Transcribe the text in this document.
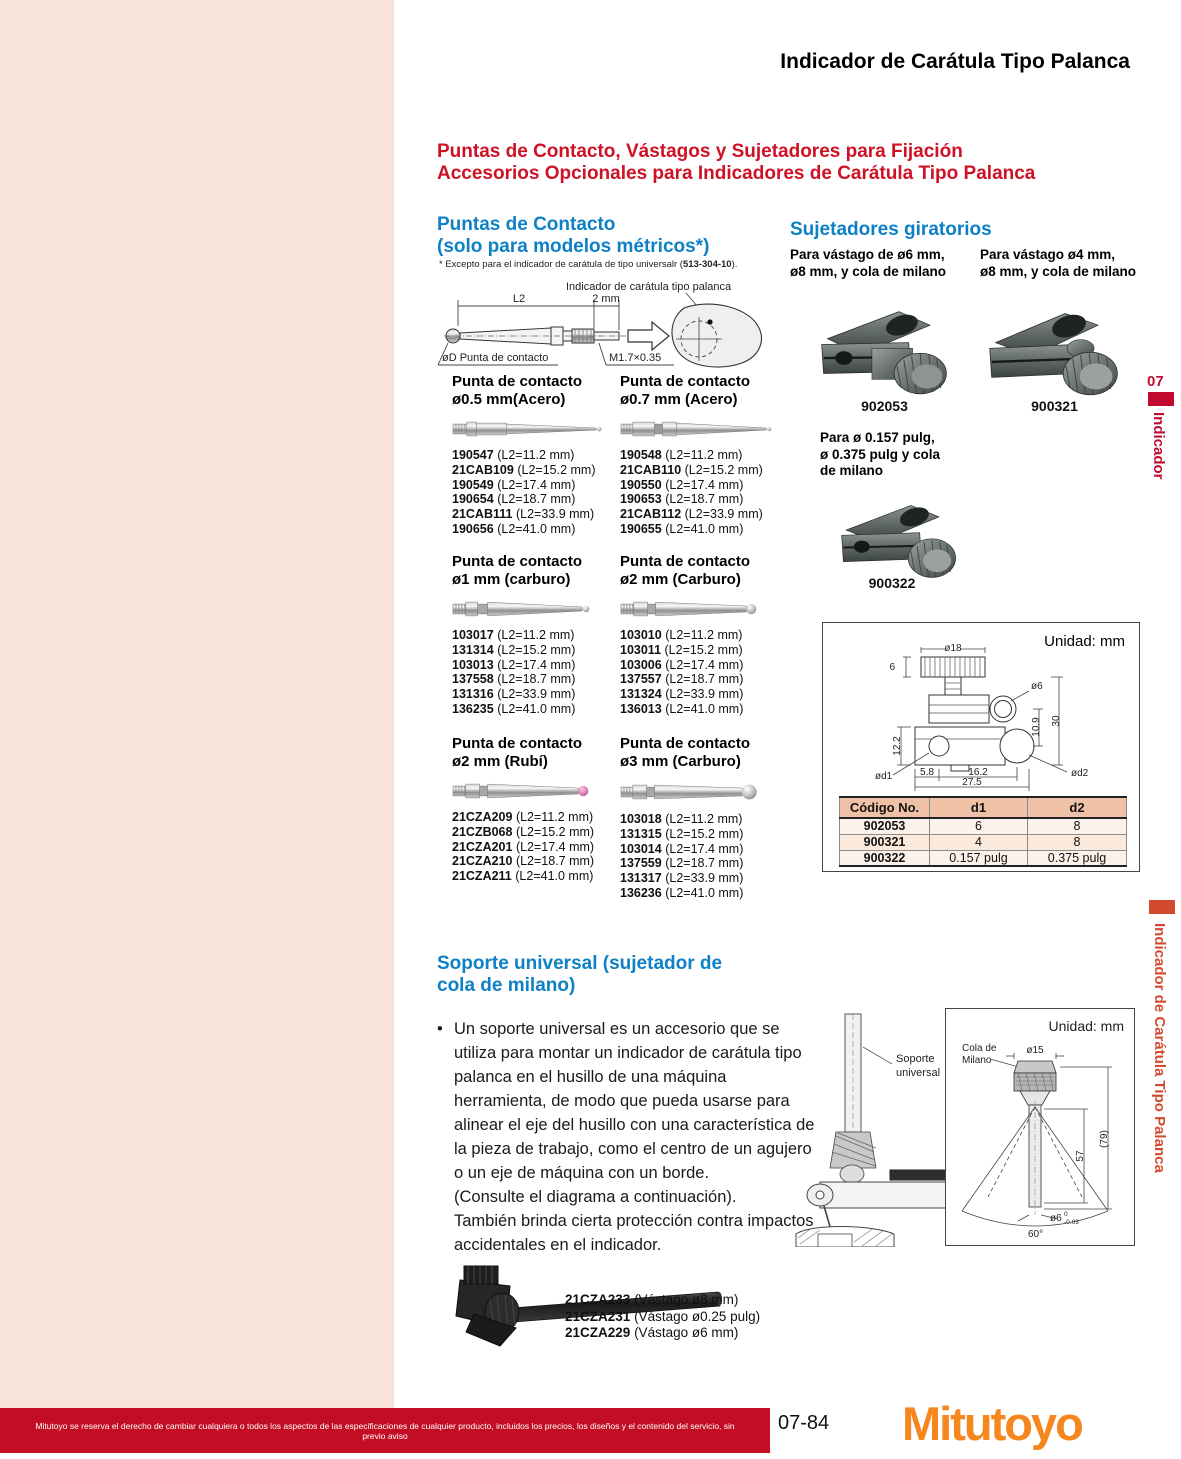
Indicador de Carátula Tipo Palanca
Puntas de Contacto, Vástagos y Sujetadores para Fijación
Accesorios Opcionales para Indicadores de Carátula Tipo Palanca
Puntas de Contacto
(solo para modelos métricos*)
* Excepto para el indicador de carátula de tipo universalr (513-304-10).
Indicador de carátula tipo palanca
L2	2 mm
øD Punta de contacto	M1.7×0.35
Punta de contacto
ø0.5 mm(Acero)
190547 (L2=11.2 mm)
21CAB109 (L2=15.2 mm)
190549 (L2=17.4 mm)
190654 (L2=18.7 mm)
21CAB111 (L2=33.9 mm)
190656 (L2=41.0 mm)
Punta de contacto
ø0.7 mm (Acero)
190548 (L2=11.2 mm)
21CAB110 (L2=15.2 mm)
190550 (L2=17.4 mm)
190653 (L2=18.7 mm)
21CAB112 (L2=33.9 mm)
190655 (L2=41.0 mm)
Punta de contacto
ø1 mm (carburo)
103017 (L2=11.2 mm)
131314 (L2=15.2 mm)
103013 (L2=17.4 mm)
137558 (L2=18.7 mm)
131316 (L2=33.9 mm)
136235 (L2=41.0 mm)
Punta de contacto
ø2 mm (Carburo)
103010 (L2=11.2 mm)
103011 (L2=15.2 mm)
103006 (L2=17.4 mm)
137557 (L2=18.7 mm)
131324 (L2=33.9 mm)
136013 (L2=41.0 mm)
Punta de contacto
ø2 mm (Rubí)
21CZA209 (L2=11.2 mm)
21CZB068 (L2=15.2 mm)
21CZA201 (L2=17.4 mm)
21CZA210 (L2=18.7 mm)
21CZA211 (L2=41.0 mm)
Punta de contacto
ø3 mm (Carburo)
103018 (L2=11.2 mm)
131315 (L2=15.2 mm)
103014 (L2=17.4 mm)
137559 (L2=18.7 mm)
131317 (L2=33.9 mm)
136236 (L2=41.0 mm)
Sujetadores giratorios
Para vástago de ø6 mm,
ø8 mm, y cola de milano
Para vástago ø4 mm,
ø8 mm, y cola de milano
902053	900321
Para ø 0.157 pulg,
ø 0.375 pulg y cola
de milano
900322
Unidad: mm
ø18
6
ø6
12.2
10.9 30
ød1	ød2
5.8	16.2
27.5
Código No.	d1	d2
902053	6	8
900321	4	8
900322	0.157 pulg	0.375 pulg
Soporte universal (sujetador de
cola de milano)
• Un soporte universal es un accesorio que se utiliza para montar un indicador de carátula tipo palanca en el husillo de una máquina herramienta, de modo que pueda usarse para alinear el eje del husillo con una característica de la pieza de trabajo, como el centro de un agujero o un eje de máquina con un borde.
(Consulte el diagrama a continuación).
También brinda cierta protección contra impactos accidentales en el indicador.
Soporte
universal
Unidad: mm
Cola de
Milano
ø15
60°
57
(79)
ø6 0
-0.03
21CZA233 (Vástago ø8 mm)
21CZA231 (Vástago ø0.25 pulg)
21CZA229 (Vástago ø6 mm)
Mitutoyo se reserva el derecho de cambiar cualquiera o todos los aspectos de las especificaciones de cualquier producto, incluidos los precios, los diseños y el contenido del servicio, sin previo aviso
07-84 Mitutoyo
07
Indicador
Indicador de Carátula Tipo Palanca
